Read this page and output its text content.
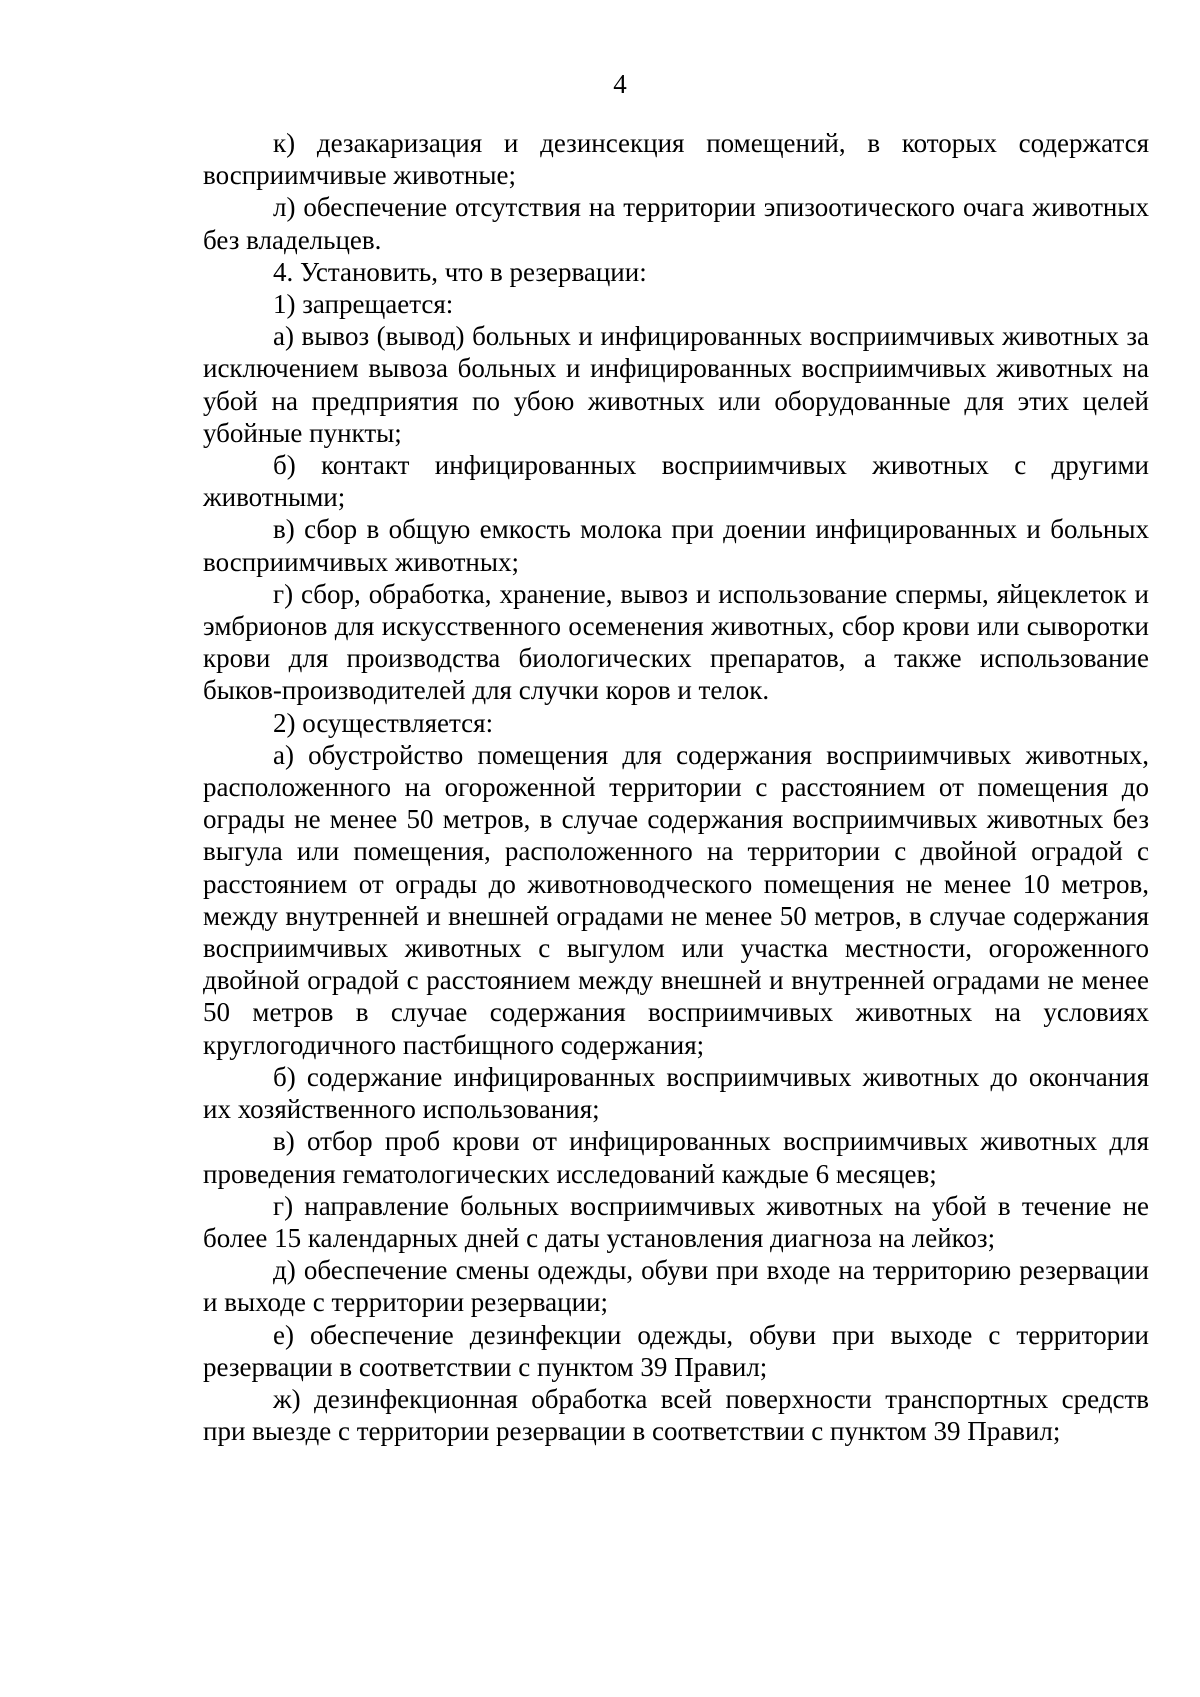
4

к) дезакаризация и дезинсекция помещений, в которых содержатся восприимчивые животные;

л) обеспечение отсутствия на территории эпизоотического очага животных без владельцев.

4. Установить, что в резервации:

1) запрещается:

а) вывоз (вывод) больных и инфицированных восприимчивых животных за исключением вывоза больных и инфицированных восприимчивых животных на убой на предприятия по убою животных или оборудованные для этих целей убойные пункты;

б) контакт инфицированных восприимчивых животных с другими животными;

в) сбор в общую емкость молока при доении инфицированных и больных восприимчивых животных;

г) сбор, обработка, хранение, вывоз и использование спермы, яйцеклеток и эмбрионов для искусственного осеменения животных, сбор крови или сыворотки крови для производства биологических препаратов, а также использование быков-производителей для случки коров и телок.

2) осуществляется:

а) обустройство помещения для содержания восприимчивых животных, расположенного на огороженной территории с расстоянием от помещения до ограды не менее 50 метров, в случае содержания восприимчивых животных без выгула или помещения, расположенного на территории с двойной оградой с расстоянием от ограды до животноводческого помещения не менее 10 метров, между внутренней и внешней оградами не менее 50 метров, в случае содержания восприимчивых животных с выгулом или участка местности, огороженного двойной оградой с расстоянием между внешней и внутренней оградами не менее 50 метров в случае содержания восприимчивых животных на условиях круглогодичного пастбищного содержания;

б) содержание инфицированных восприимчивых животных до окончания их хозяйственного использования;

в) отбор проб крови от инфицированных восприимчивых животных для проведения гематологических исследований каждые 6 месяцев;

г) направление больных восприимчивых животных на убой в течение не более 15 календарных дней с даты установления диагноза на лейкоз;

д) обеспечение смены одежды, обуви при входе на территорию резервации и выходе с территории резервации;

е) обеспечение дезинфекции одежды, обуви при выходе с территории резервации в соответствии с пунктом 39 Правил;

ж) дезинфекционная обработка всей поверхности транспортных средств при выезде с территории резервации в соответствии с пунктом 39 Правил;
